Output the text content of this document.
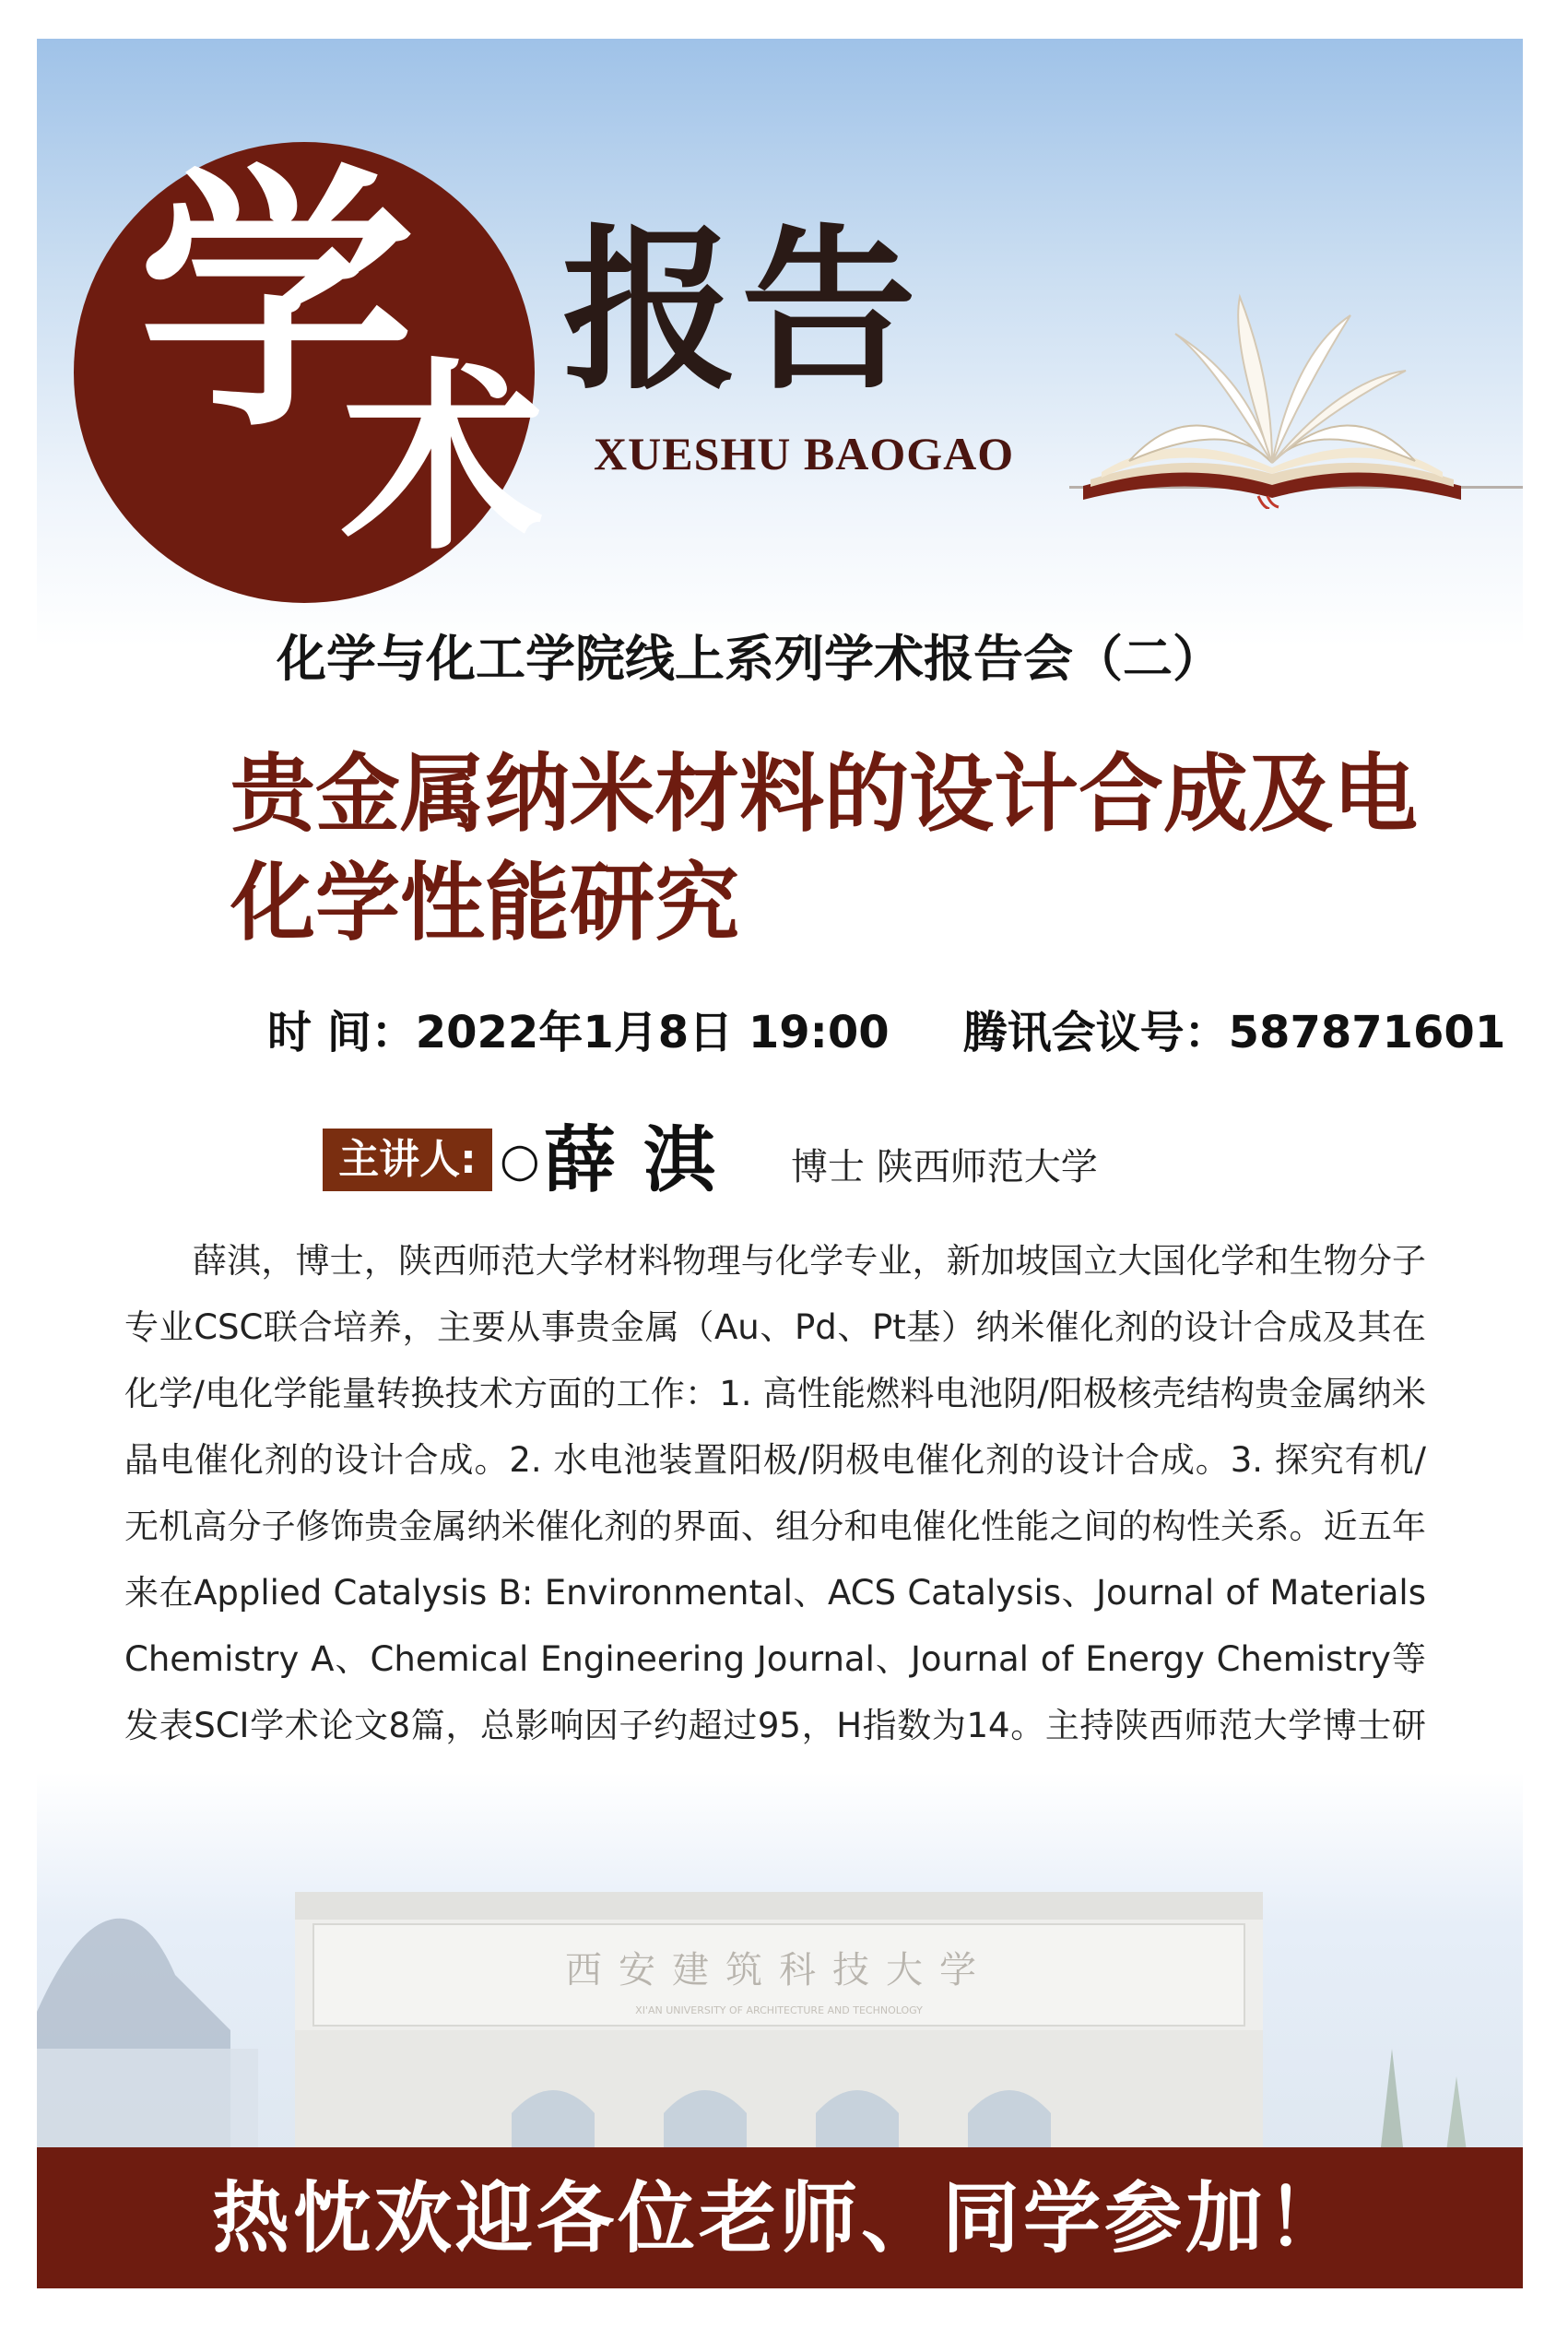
学
术
报告
XUESHU BAOGAO
化学与化工学院线上系列学术报告会（二）
贵金属纳米材料的设计合成及电化学性能研究
时 间：2022年1月8日 19:00 腾讯会议号：587871601
主讲人: ○ 薛淇 博士 陕西师范大学

薛淇，博士，陕西师范大学材料物理与化学专业，新加坡国立大国化学和生物分子专业CSC联合培养，主要从事贵金属（Au、Pd、Pt基）纳米催化剂的设计合成及其在化学/电化学能量转换技术方面的工作：1. 高性能燃料电池阴/阳极核壳结构贵金属纳米晶电催化剂的设计合成。2. 水电池装置阳极/阴极电催化剂的设计合成。3. 探究有机/无机高分子修饰贵金属纳米催化剂的界面、组分和电催化性能之间的构性关系。近五年来在Applied Catalysis B: Environmental、ACS Catalysis、Journal of Materials Chemistry A、Chemical Engineering Journal、Journal of Energy Chemistry等发表SCI学术论文8篇，总影响因子约超过95，H指数为14。主持陕西师范大学博士研

西安建筑科技大学
XI'AN UNIVERSITY OF ARCHITECTURE AND TECHNOLOGY
热忱欢迎各位老师、同学参加！
